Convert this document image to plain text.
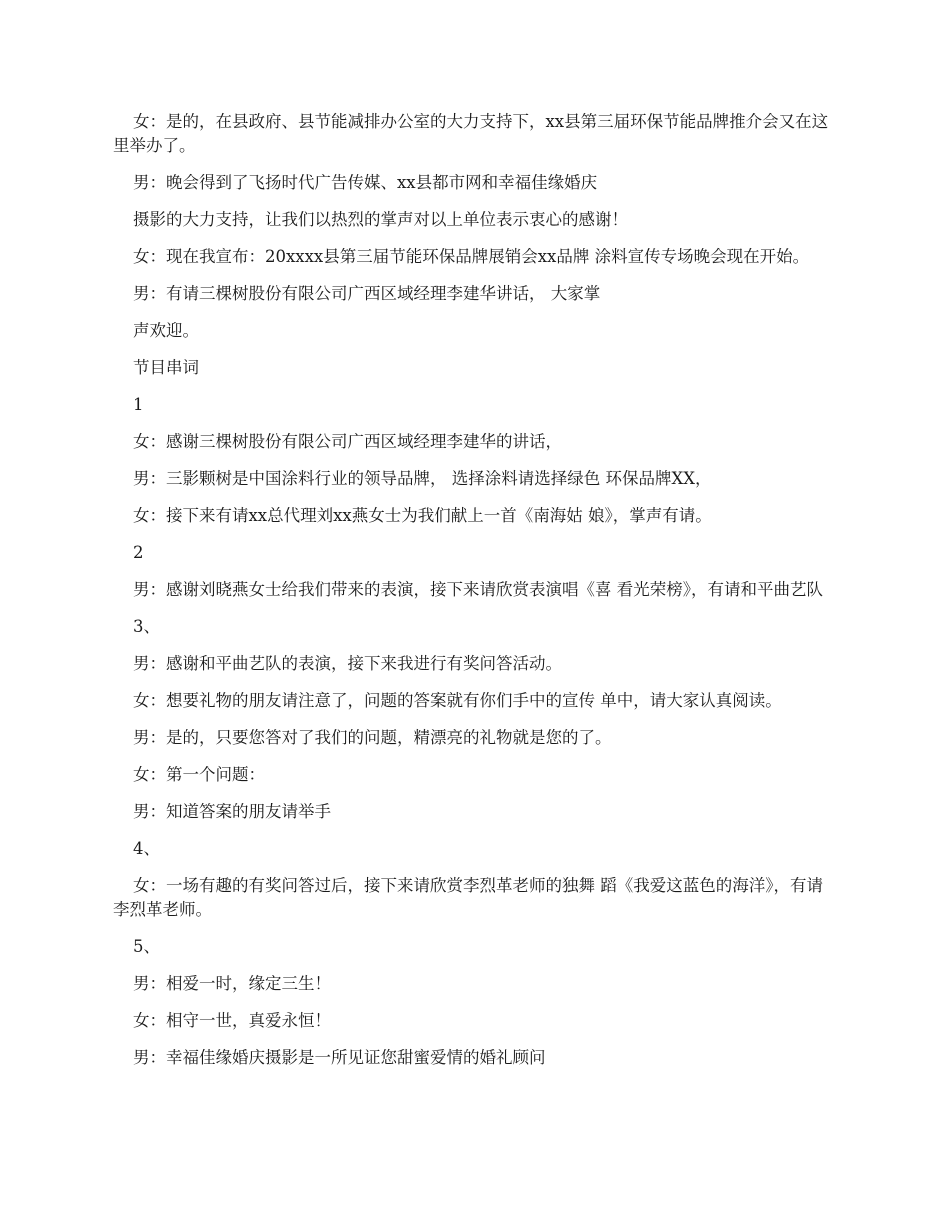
女：是的，在县政府、县节能减排办公室的大力支持下，xx县第三届环保节能品牌推介会又在这里举办了。

男：晚会得到了飞扬时代广告传媒、xx县都市网和幸福佳缘婚庆

摄影的大力支持，让我们以热烈的掌声对以上单位表示衷心的感谢！

女：现在我宣布：20xxxx县第三届节能环保品牌展销会xx品牌 涂料宣传专场晚会现在开始。

男：有请三棵树股份有限公司广西区域经理李建华讲话， 大家掌

声欢迎。

节目串词

1

女：感谢三棵树股份有限公司广西区域经理李建华的讲话，

男：三影颗树是中国涂料行业的领导品牌， 选择涂料请选择绿色 环保品牌XX，

女：接下来有请xx总代理刘xx燕女士为我们献上一首《南海姑 娘》，掌声有请。

2

男：感谢刘晓燕女士给我们带来的表演，接下来请欣赏表演唱《喜 看光荣榜》，有请和平曲艺队

3、

男：感谢和平曲艺队的表演，接下来我进行有奖问答活动。

女：想要礼物的朋友请注意了，问题的答案就有你们手中的宣传 单中，请大家认真阅读。

男：是的，只要您答对了我们的问题，精漂亮的礼物就是您的了。

女：第一个问题：

男：知道答案的朋友请举手

4、

女：一场有趣的有奖问答过后，接下来请欣赏李烈革老师的独舞 蹈《我爱这蓝色的海洋》，有请李烈革老师。

5、

男：相爱一时，缘定三生！

女：相守一世，真爱永恒！

男：幸福佳缘婚庆摄影是一所见证您甜蜜爱情的婚礼顾问
